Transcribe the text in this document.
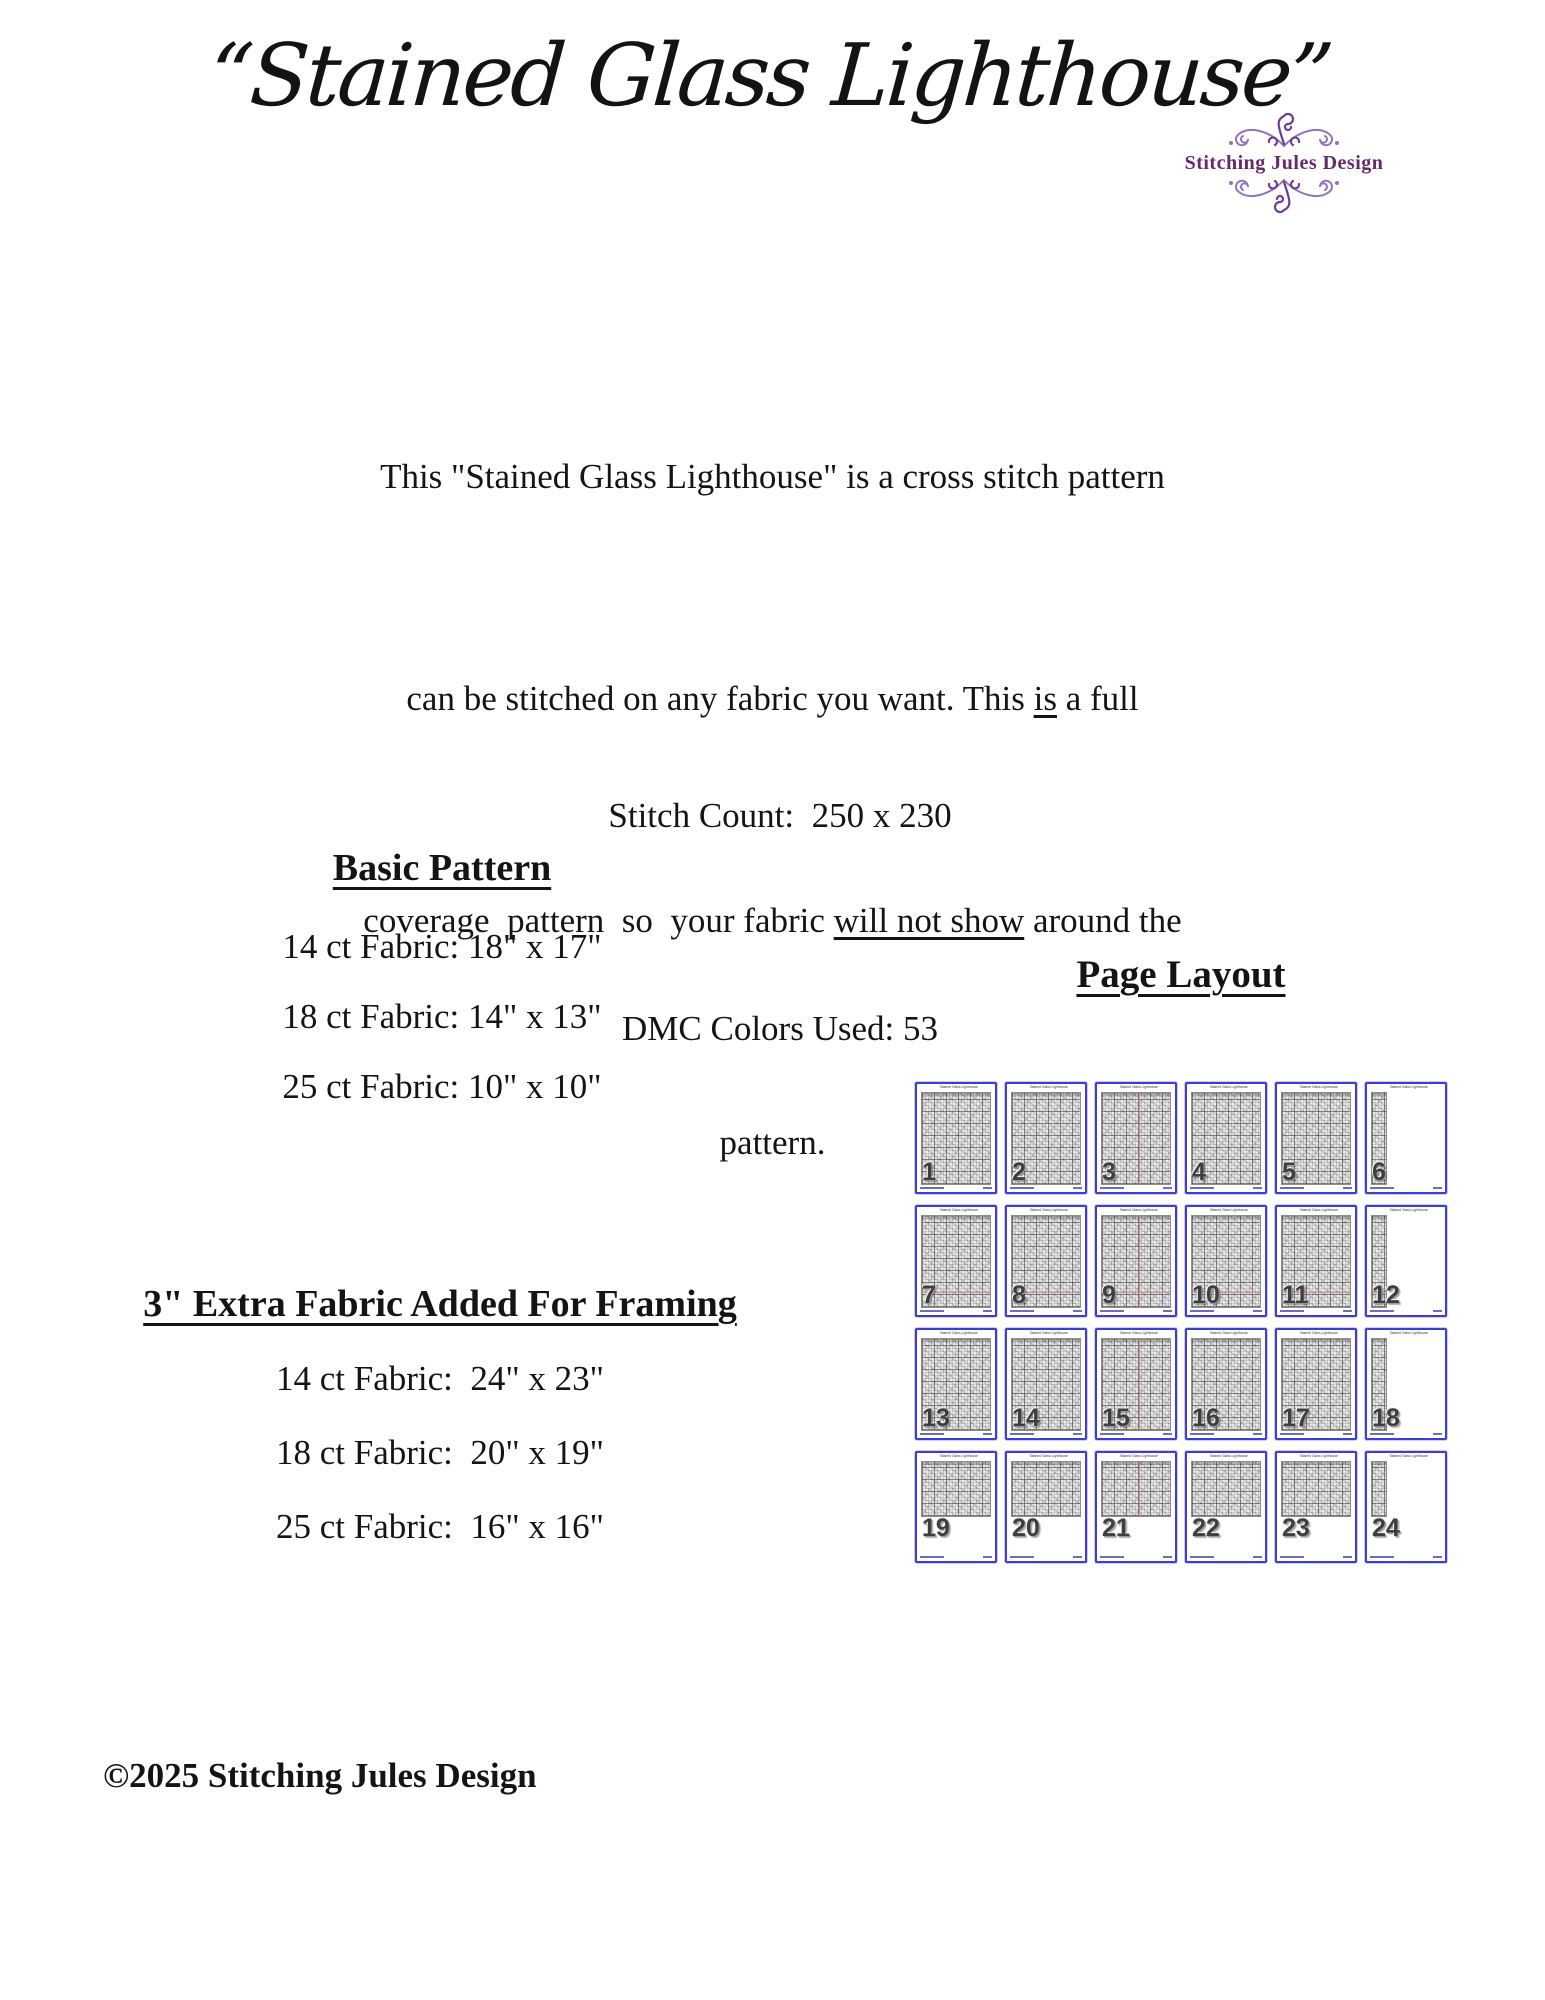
“Stained Glass Lighthouse”
Stitching Jules Design

This "Stained Glass Lighthouse" is a cross stitch pattern

can be stitched on any fabric you want. This is a full

coverage  pattern  so  your fabric will not show around the

pattern.

Stitch Count:  250 x 230

DMC Colors Used: 53

Basic Pattern
14 ct Fabric: 18" x 17"
18 ct Fabric: 14" x 13"
25 ct Fabric: 10" x 10"
Page Layout
Stained Glass Lighthouse
1
Stained Glass Lighthouse
2
Stained Glass Lighthouse
3
Stained Glass Lighthouse
4
Stained Glass Lighthouse
5
Stained Glass Lighthouse
6
Stained Glass Lighthouse
7
Stained Glass Lighthouse
8
Stained Glass Lighthouse
9
Stained Glass Lighthouse
10
Stained Glass Lighthouse
11
Stained Glass Lighthouse
12
Stained Glass Lighthouse
13
Stained Glass Lighthouse
14
Stained Glass Lighthouse
15
Stained Glass Lighthouse
16
Stained Glass Lighthouse
17
Stained Glass Lighthouse
18
Stained Glass Lighthouse
19
Stained Glass Lighthouse
20
Stained Glass Lighthouse
21
Stained Glass Lighthouse
22
Stained Glass Lighthouse
23
Stained Glass Lighthouse
24
3" Extra Fabric Added For Framing
14 ct Fabric:  24" x 23"
18 ct Fabric:  20" x 19"
25 ct Fabric:  16" x 16"
©2025 Stitching Jules Design
